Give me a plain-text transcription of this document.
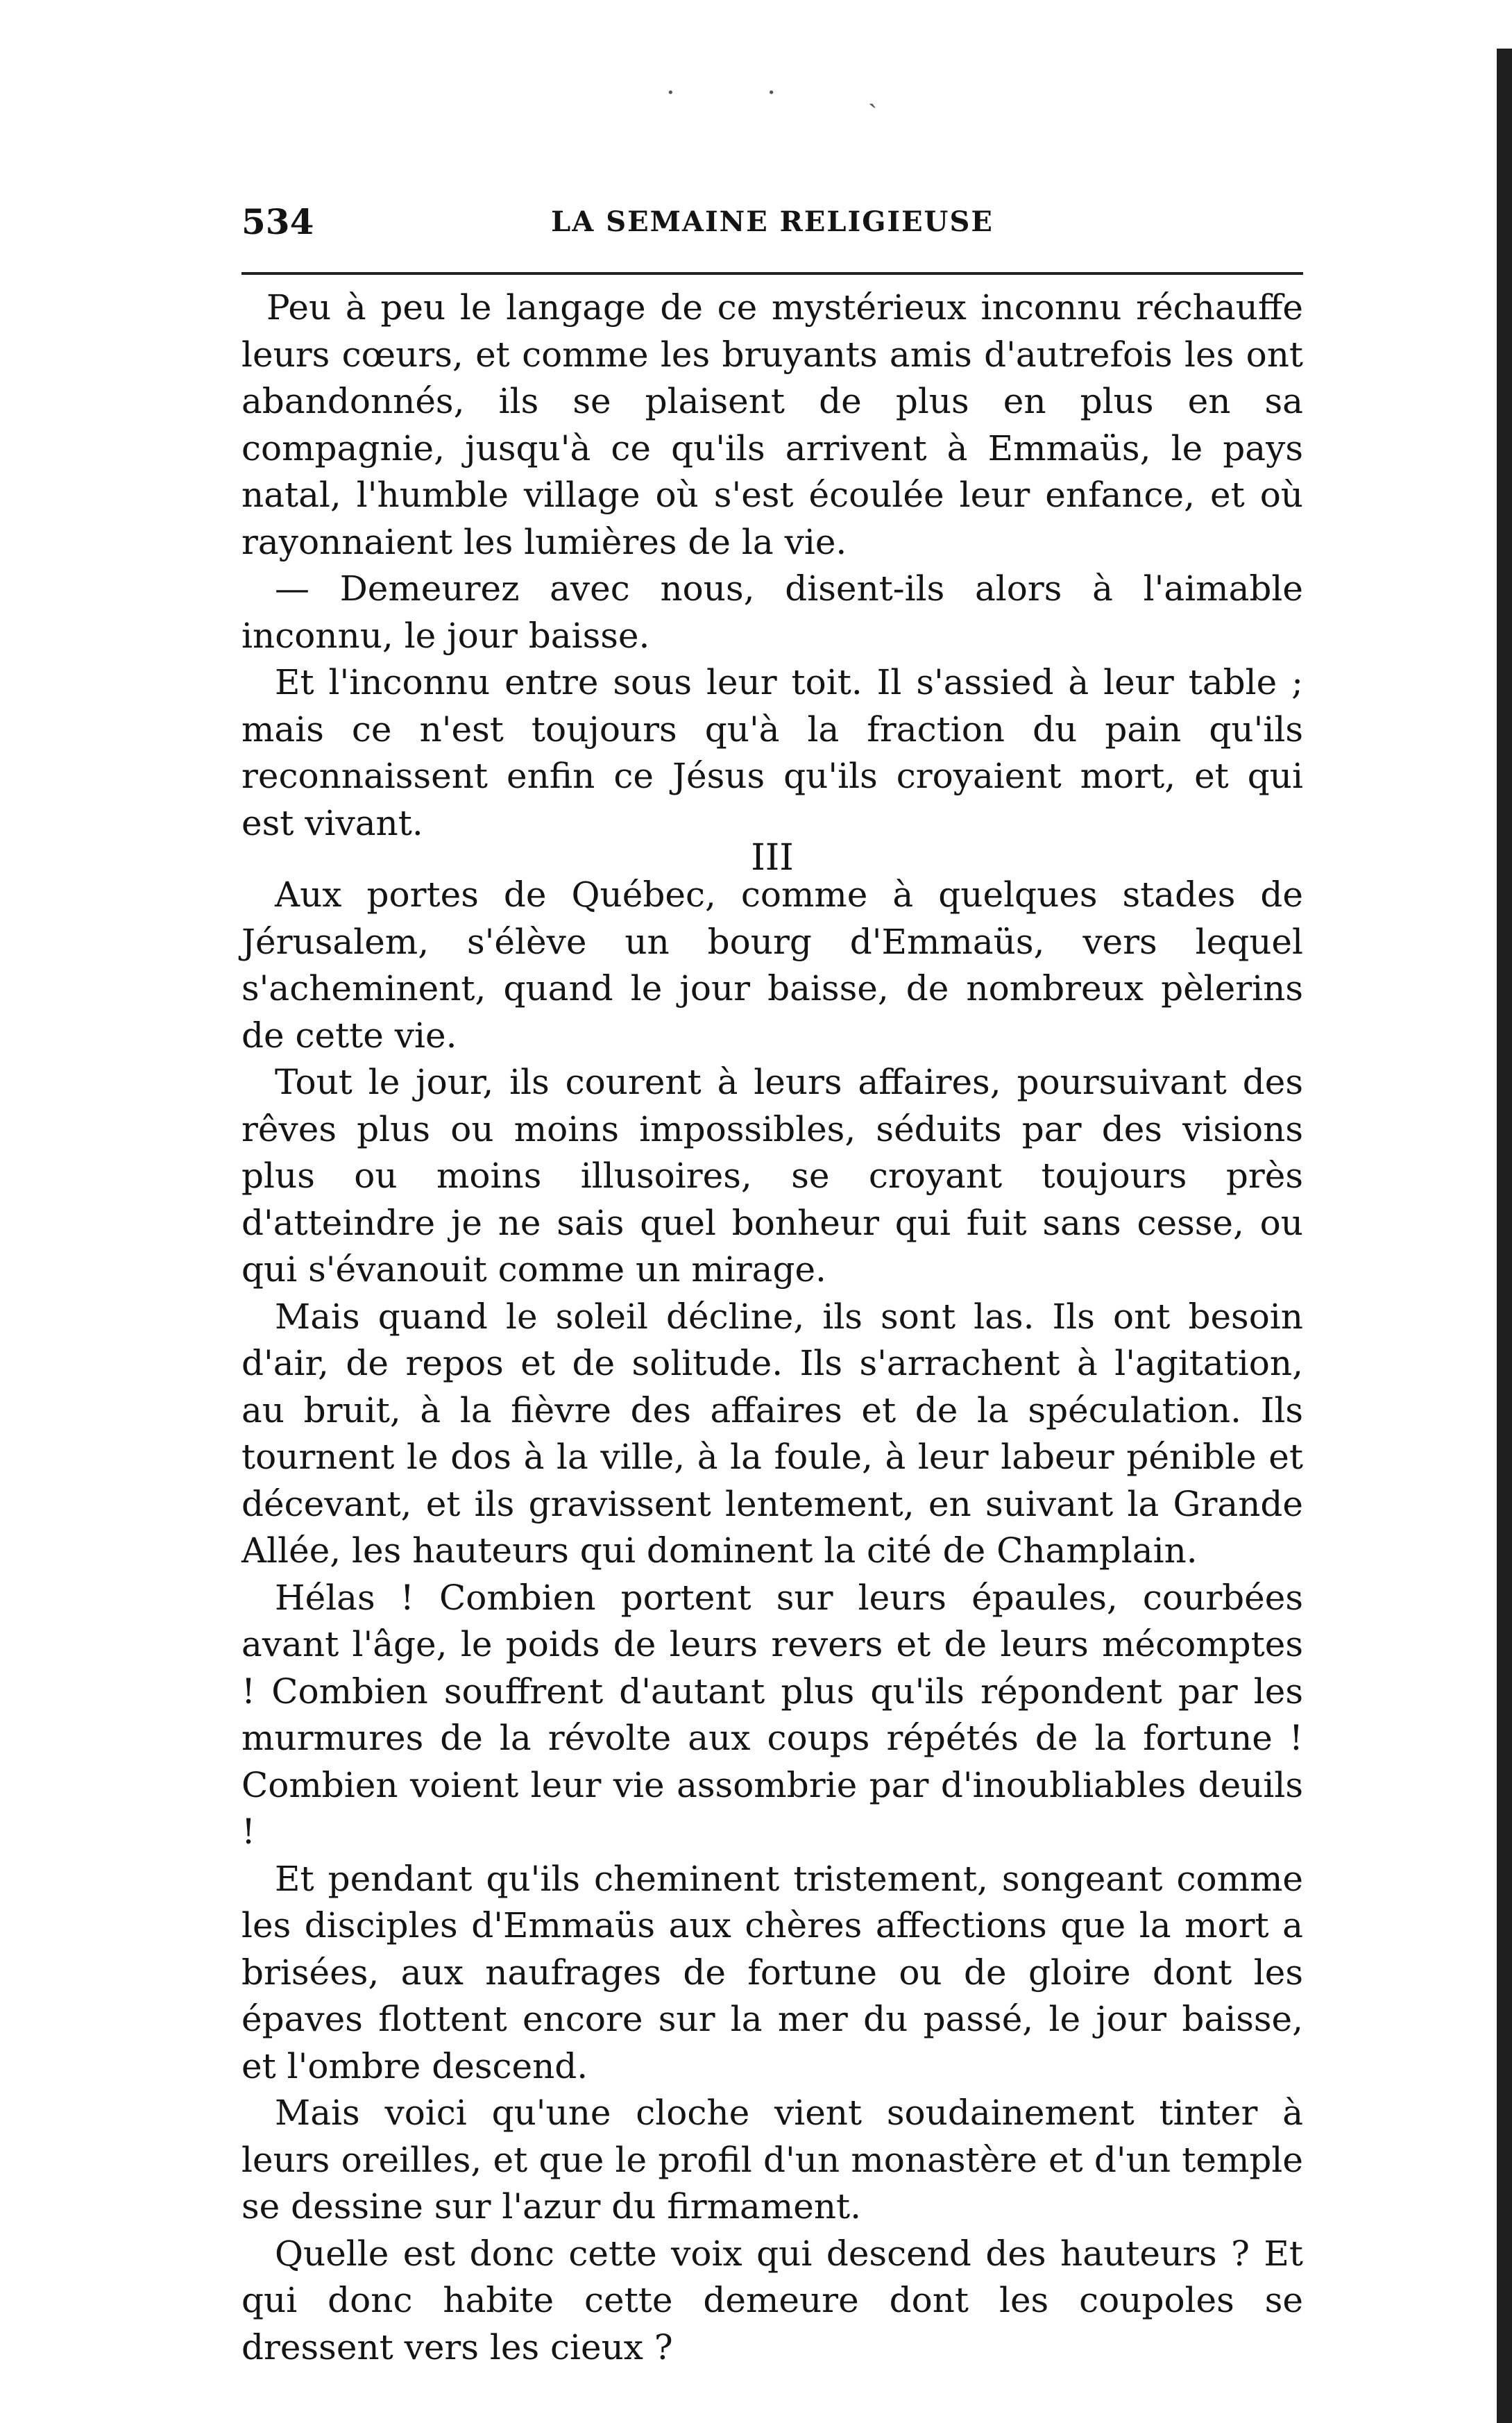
· · ˎ
534	LA SEMAINE RELIGIEUSE

Peu à peu le langage de ce mystérieux inconnu réchauffe leurs cœurs, et comme les bruyants amis d'autrefois les ont abandonnés, ils se plaisent de plus en plus en sa compagnie, jusqu'à ce qu'ils arrivent à Emmaüs, le pays natal, l'humble village où s'est écoulée leur enfance, et où rayonnaient les lumières de la vie.

— Demeurez avec nous, disent-ils alors à l'aimable inconnu, le jour baisse.

Et l'inconnu entre sous leur toit. Il s'assied à leur table ; mais ce n'est toujours qu'à la fraction du pain qu'ils reconnaissent enfin ce Jésus qu'ils croyaient mort, et qui est vivant.

III

Aux portes de Québec, comme à quelques stades de Jérusalem, s'élève un bourg d'Emmaüs, vers lequel s'acheminent, quand le jour baisse, de nombreux pèlerins de cette vie.

Tout le jour, ils courent à leurs affaires, poursuivant des rêves plus ou moins impossibles, séduits par des visions plus ou moins illusoires, se croyant toujours près d'atteindre je ne sais quel bonheur qui fuit sans cesse, ou qui s'évanouit comme un mirage.

Mais quand le soleil décline, ils sont las. Ils ont besoin d'air, de repos et de solitude. Ils s'arrachent à l'agitation, au bruit, à la fièvre des affaires et de la spéculation. Ils tournent le dos à la ville, à la foule, à leur labeur pénible et décevant, et ils gravissent lentement, en suivant la Grande Allée, les hauteurs qui dominent la cité de Champlain.

Hélas ! Combien portent sur leurs épaules, courbées avant l'âge, le poids de leurs revers et de leurs mécomptes ! Combien souffrent d'autant plus qu'ils répondent par les murmures de la révolte aux coups répétés de la fortune ! Combien voient leur vie assombrie par d'inoubliables deuils !

Et pendant qu'ils cheminent tristement, songeant comme les disciples d'Emmaüs aux chères affections que la mort a brisées, aux naufrages de fortune ou de gloire dont les épaves flottent encore sur la mer du passé, le jour baisse, et l'ombre descend.

Mais voici qu'une cloche vient soudainement tinter à leurs oreilles, et que le profil d'un monastère et d'un temple se dessine sur l'azur du firmament.

Quelle est donc cette voix qui descend des hauteurs ? Et qui donc habite cette demeure dont les coupoles se dressent vers les cieux ?
